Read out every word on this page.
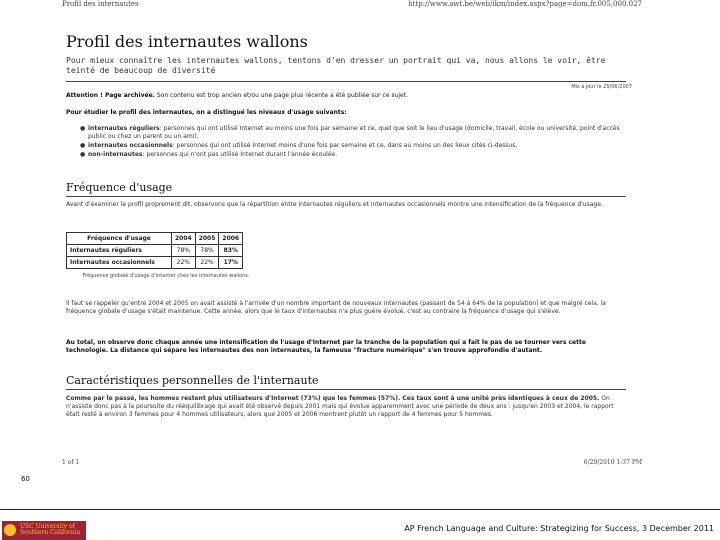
Profil des internautes	http://www.awt.be/web/ikm/index.aspx?page=dom,fr,005,000,027
Profil des internautes wallons
Pour mieux connaître les internautes wallons, tentons d'en dresser un portrait qui va, nous allons le voir, être teinté de beaucoup de diversité
Mis à jour le 25/06/2007
Attention ! Page archivée. Son contenu est trop ancien et/ou une page plus récente a été publiée sur ce sujet.
Pour étudier le profil des internautes, on a distingué les niveaux d'usage suivants:
● internautes réguliers: personnes qui ont utilisé Internet au moins une fois par semaine et ce, quel que soit le lieu d'usage (domicile, travail, école ou université, point d'accès public ou chez un parent ou un ami),
● internautes occasionnels: personnes qui ont utilisé Internet moins d'une fois par semaine et ce, dans au moins un des lieux cités ci-dessus,
● non-internautes: personnes qui n'ont pas utilisé Internet durant l'année écoulée.
Fréquence d'usage
Avant d'examiner le profil proprement dit, observons que la répartition entre internautes réguliers et internautes occasionnels montre une intensification de la fréquence d'usage.
Fréquence d'usage	2004	2005	2006
Internautes réguliers	78%	78%	83%
Internautes occasionnels	22%	22%	17%
Fréquence globale d'usage d'internet chez les internautes wallons.
Il faut se rappeler qu'entre 2004 et 2005 on avait assisté à l'arrivée d'un nombre important de nouveaux internautes (passant de 54 à 64% de la population) et que malgré cela, la fréquence globale d'usage s'était maintenue. Cette année, alors que le taux d'internautes n'a plus guère évolué, c'est au contraire la fréquence d'usage qui s'élève.
Au total, on observe donc chaque année une intensification de l'usage d'Internet par la tranche de la population qui a fait le pas de se tourner vers cette technologie. La distance qui sépare les internautes des non internautes, la fameuse "fracture numérique" s'en trouve approfondie d'autant.
Caractéristiques personnelles de l'internaute
Comme par le passé, les hommes restent plus utilisateurs d'Internet (73%) que les femmes (57%). Ces taux sont à une unité près identiques à ceux de 2005. On n'assiste donc pas à la poursuite du rééquilibrage qui avait été observé depuis 2001 mais qui évolue apparemment avec une période de deux ans : jusqu'en 2003 et 2004, le rapport était resté à environ 3 femmes pour 4 hommes utilisateurs, alors que 2005 et 2006 montrent plutôt un rapport de 4 femmes pour 5 hommes.
1 of 1	6/29/2010 1:37 PM
60
USC University of Southern California	AP French Language and Culture: Strategizing for Success, 3 December 2011
